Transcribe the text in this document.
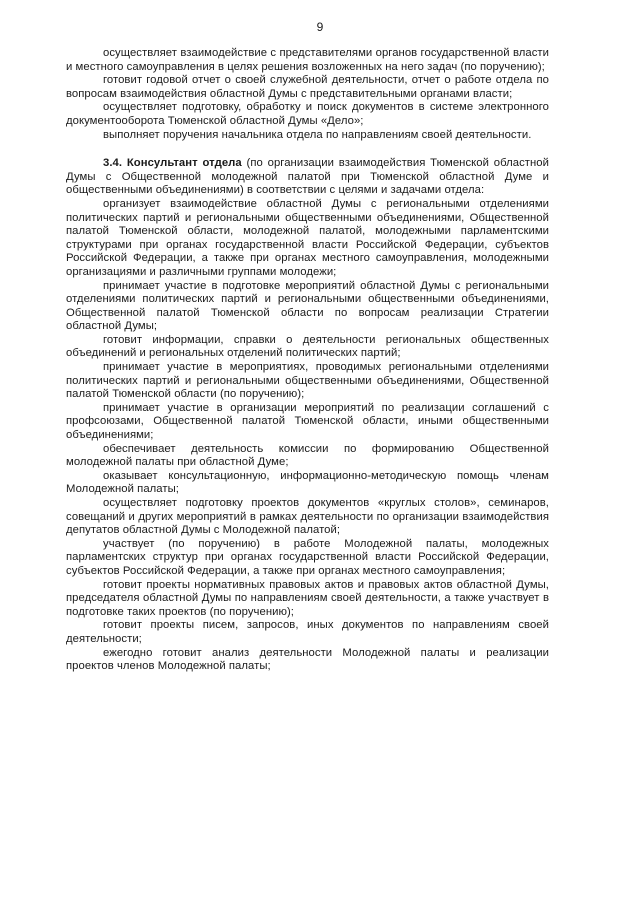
9

осуществляет взаимодействие с представителями органов государственной власти и местного самоуправления в целях решения возложенных на него задач (по поручению);

готовит годовой отчет о своей служебной деятельности, отчет о работе отдела по вопросам взаимодействия областной Думы с представительными органами власти;

осуществляет подготовку, обработку и поиск документов в системе электронного документооборота Тюменской областной Думы «Дело»;

выполняет поручения начальника отдела по направлениям своей деятельности.

3.4. Консультант отдела (по организации взаимодействия Тюменской областной Думы с Общественной молодежной палатой при Тюменской областной Думе и общественными объединениями) в соответствии с целями и задачами отдела:

организует взаимодействие областной Думы с региональными отделениями политических партий и региональными общественными объединениями, Общественной палатой Тюменской области, молодежной палатой, молодежными парламентскими структурами при органах государственной власти Российской Федерации, субъектов Российской Федерации, а также при органах местного самоуправления, молодежными организациями и различными группами молодежи;

принимает участие в подготовке мероприятий областной Думы с региональными отделениями политических партий и региональными общественными объединениями, Общественной палатой Тюменской области по вопросам реализации Стратегии областной Думы;

готовит информации, справки о деятельности региональных общественных объединений и региональных отделений политических партий;

принимает участие в мероприятиях, проводимых региональными отделениями политических партий и региональными общественными объединениями, Общественной палатой Тюменской области (по поручению);

принимает участие в организации мероприятий по реализации соглашений с профсоюзами, Общественной палатой Тюменской области, иными общественными объединениями;

обеспечивает деятельность комиссии по формированию Общественной молодежной палаты при областной Думе;

оказывает консультационную, информационно-методическую помощь членам Молодежной палаты;

осуществляет подготовку проектов документов «круглых столов», семинаров, совещаний и других мероприятий в рамках деятельности по организации взаимодействия депутатов областной Думы с Молодежной палатой;

участвует (по поручению) в работе Молодежной палаты, молодежных парламентских структур при органах государственной власти Российской Федерации, субъектов Российской Федерации, а также при органах местного самоуправления;

готовит проекты нормативных правовых актов и правовых актов областной Думы, председателя областной Думы по направлениям своей деятельности, а также участвует в подготовке таких проектов (по поручению);

готовит проекты писем, запросов, иных документов по направлениям своей деятельности;

ежегодно готовит анализ деятельности Молодежной палаты и реализации проектов членов Молодежной палаты;
